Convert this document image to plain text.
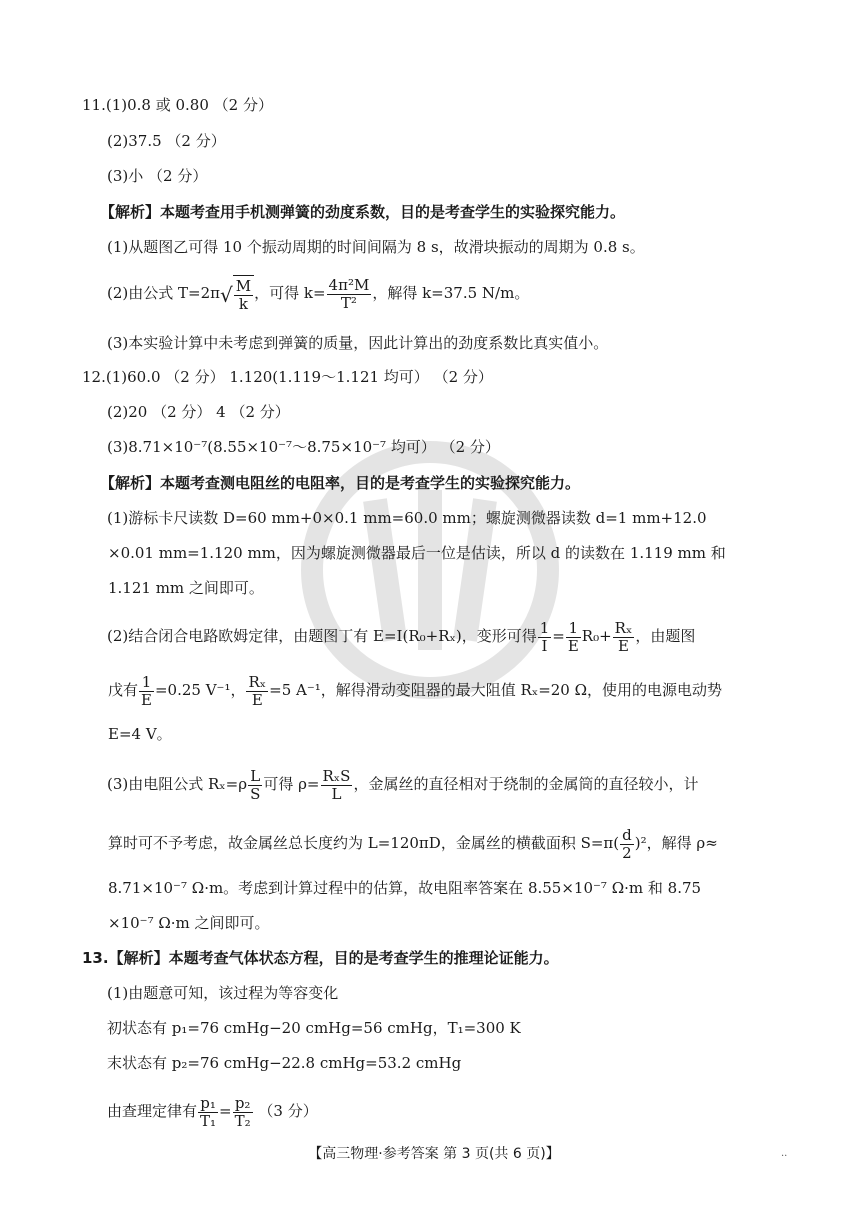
11.(1)0.8 或 0.80 （2 分）
(2)37.5 （2 分）
(3)小 （2 分）
【解析】本题考查用手机测弹簧的劲度系数，目的是考查学生的实验探究能力。
(1)从题图乙可得 10 个振动周期的时间间隔为 8 s，故滑块振动的周期为 0.8 s。
(2)由公式 $T=2\pi√ \frac{M}{k}$ ，可得 $k= \frac{\text{4π²M}}{\text{T²}}$ ，解得 k=37.5 N/m。
(3)本实验计算中未考虑到弹簧的质量，因此计算出的劲度系数比真实值小。
12.(1)60.0 （2 分） 1.120(1.119～1.121 均可） （2 分）
(2)20 （2 分） 4 （2 分）
(3)8.71×10⁻⁷(8.55×10⁻⁷～8.75×10⁻⁷ 均可） （2 分）
【解析】本题考查测电阻丝的电阻率，目的是考查学生的实验探究能力。
(1)游标卡尺读数 D=60 mm+0×0.1 mm=60.0 mm；螺旋测微器读数 d=1 mm+12.0
×0.01 mm=1.120 mm，因为螺旋测微器最后一位是估读，所以 d 的读数在 1.119 mm 和
1.121 mm 之间即可。
(2)结合闭合电路欧姆定律，由题图丁有 E=I(R₀+Rₓ)，变形可得 $\frac{1}{I} = \frac{1}{E} R_0+ \frac{\text{Rₓ}}{E}$ ，由题图
戊有 $\frac{1}{E} =0.25$ V⁻¹， $\frac{\text{Rₓ}}{E} =5$ A⁻¹，解得滑动变阻器的最大阻值 Rₓ=20 Ω，使用的电源电动势
E=4 V。
(3)由电阻公式 $R_x=\rho \frac{L}{S}$ 可得 $\rho= \frac{\text{RₓS}}{L}$ ，金属丝的直径相对于绕制的金属筒的直径较小，计
算时可不予考虑，故金属丝总长度约为 L=120πD，金属丝的横截面积 $S=\pi( \frac{d}{2} )^2$，解得 ρ≈
8.71×10⁻⁷ Ω·m。考虑到计算过程中的估算，故电阻率答案在 8.55×10⁻⁷ Ω·m 和 8.75
×10⁻⁷ Ω·m 之间即可。
13.【解析】本题考查气体状态方程，目的是考查学生的推理论证能力。
(1)由题意可知，该过程为等容变化
初状态有 p₁=76 cmHg−20 cmHg=56 cmHg，T₁=300 K
末状态有 p₂=76 cmHg−22.8 cmHg=53.2 cmHg
由查理定律有 $\frac{\text{p₁}}{\text{T₁}} = \frac{\text{p₂}}{\text{T₂}} (3$ 分）
【高三物理·参考答案 第 3 页(共 6 页)】	..
